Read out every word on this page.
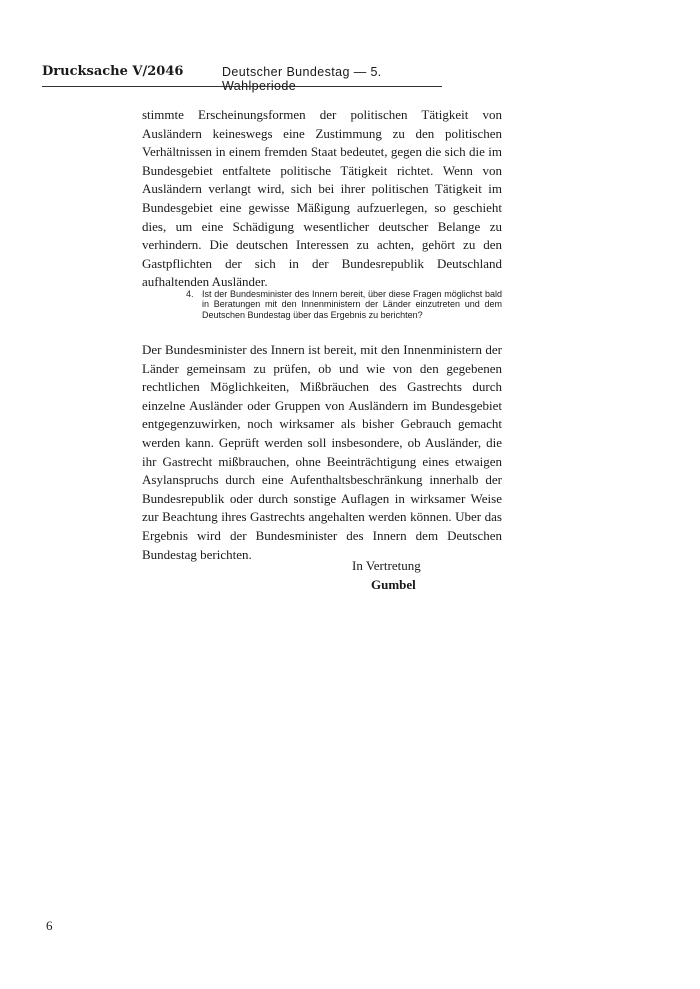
Drucksache V/2046	Deutscher Bundestag — 5. Wahlperiode

stimmte Erscheinungsformen der politischen Tätigkeit von Ausländern keineswegs eine Zustimmung zu den politischen Verhältnissen in einem fremden Staat bedeutet, gegen die sich die im Bundesgebiet entfaltete politische Tätigkeit richtet. Wenn von Ausländern verlangt wird, sich bei ihrer politischen Tätigkeit im Bundesgebiet eine gewisse Mäßigung aufzuerlegen, so geschieht dies, um eine Schädigung wesentlicher deutscher Belange zu verhindern. Die deutschen Interessen zu achten, gehört zu den Gastpflichten der sich in der Bundesrepublik Deutschland aufhaltenden Ausländer.

4. Ist der Bundesminister des Innern bereit, über diese Fragen möglichst bald in Beratungen mit den Innenministern der Länder einzutreten und dem Deutschen Bundestag über das Ergebnis zu berichten?

Der Bundesminister des Innern ist bereit, mit den Innenministern der Länder gemeinsam zu prüfen, ob und wie von den gegebenen rechtlichen Möglichkeiten, Mißbräuchen des Gastrechts durch einzelne Ausländer oder Gruppen von Ausländern im Bundesgebiet entgegenzuwirken, noch wirksamer als bisher Gebrauch gemacht werden kann. Geprüft werden soll insbesondere, ob Ausländer, die ihr Gastrecht mißbrauchen, ohne Beeinträchtigung eines etwaigen Asylanspruchs durch eine Aufenthaltsbeschränkung innerhalb der Bundesrepublik oder durch sonstige Auflagen in wirksamer Weise zur Beachtung ihres Gastrechts angehalten werden können. Uber das Ergebnis wird der Bundesminister des Innern dem Deutschen Bundestag berichten.

In Vertretung
Gumbel
6
